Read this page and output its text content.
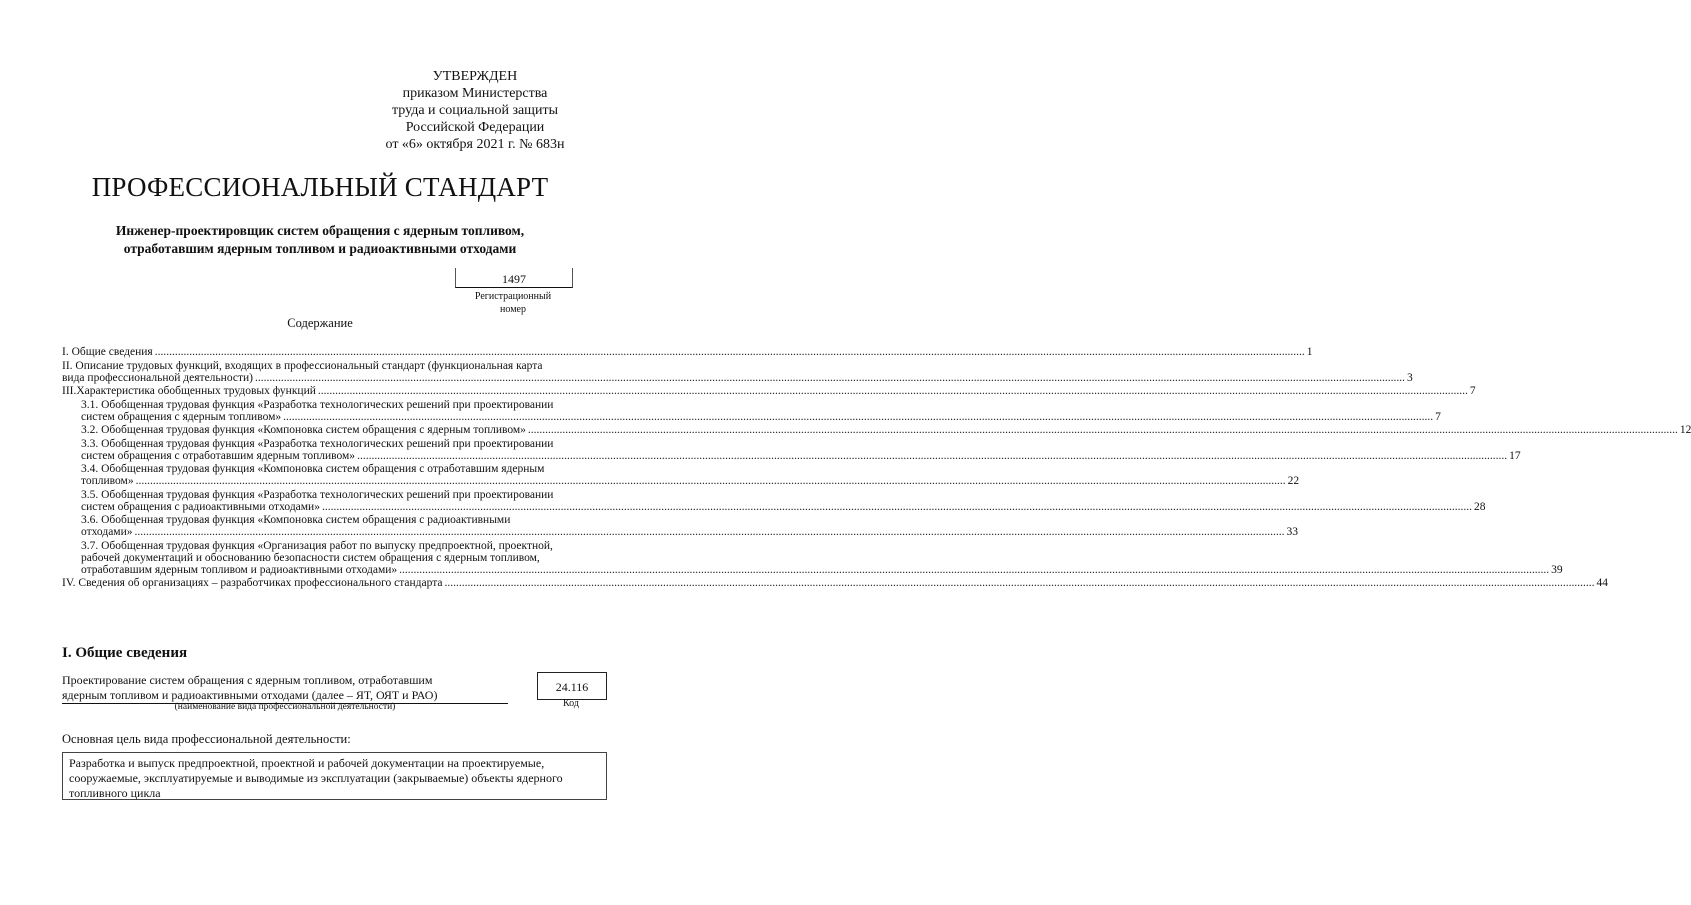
УТВЕРЖДЕН
приказом Министерства
труда и социальной защиты
Российской Федерации
от «6» октября 2021 г. № 683н
ПРОФЕССИОНАЛЬНЫЙ СТАНДАРТ
Инженер-проектировщик систем обращения с ядерным топливом,
отработавшим ядерным топливом и радиоактивными отходами
1497
Регистрационный
номер
Содержание
I. Общие сведения ................................................................................................................................................................................................................................................................................................................................................................................................................ 1
II. Описание трудовых функций, входящих в профессиональный стандарт (функциональная карта
вида профессиональной деятельности) ................................................................................................................................................................................................................................................................................................................................................................................................................ 3
III.Характеристика обобщенных трудовых функций ................................................................................................................................................................................................................................................................................................................................................................................................................ 7
3.1. Обобщенная трудовая функция «Разработка технологических решений при проектировании
систем обращения с ядерным топливом» ................................................................................................................................................................................................................................................................................................................................................................................................................ 7
3.2. Обобщенная трудовая функция «Компоновка систем обращения с ядерным топливом» ................................................................................................................................................................................................................................................................................................................................................................................................................ 12
3.3. Обобщенная трудовая функция «Разработка технологических решений при проектировании
систем обращения с отработавшим ядерным топливом» ................................................................................................................................................................................................................................................................................................................................................................................................................ 17
3.4. Обобщенная трудовая функция «Компоновка систем обращения с отработавшим ядерным
топливом» ................................................................................................................................................................................................................................................................................................................................................................................................................ 22
3.5. Обобщенная трудовая функция «Разработка технологических решений при проектировании
систем обращения с радиоактивными отходами» ................................................................................................................................................................................................................................................................................................................................................................................................................ 28
3.6. Обобщенная трудовая функция «Компоновка систем обращения с радиоактивными
отходами» ................................................................................................................................................................................................................................................................................................................................................................................................................ 33
3.7. Обобщенная трудовая функция «Организация работ по выпуску предпроектной, проектной,
рабочей документаций и обоснованию безопасности систем обращения с ядерным топливом,
отработавшим ядерным топливом и радиоактивными отходами» ................................................................................................................................................................................................................................................................................................................................................................................................................ 39
IV. Сведения об организациях – разработчиках профессионального стандарта ................................................................................................................................................................................................................................................................................................................................................................................................................ 44
I. Общие сведения
Проектирование систем обращения с ядерным топливом, отработавшим
ядерным топливом и радиоактивными отходами (далее – ЯТ, ОЯТ и РАО)
24.116
(наименование вида профессиональной деятельности)	Код
Основная цель вида профессиональной деятельности:
Разработка и выпуск предпроектной, проектной и рабочей документации на проектируемые, сооружаемые, эксплуатируемые и выводимые из эксплуатации (закрываемые) объекты ядерного топливного цикла
